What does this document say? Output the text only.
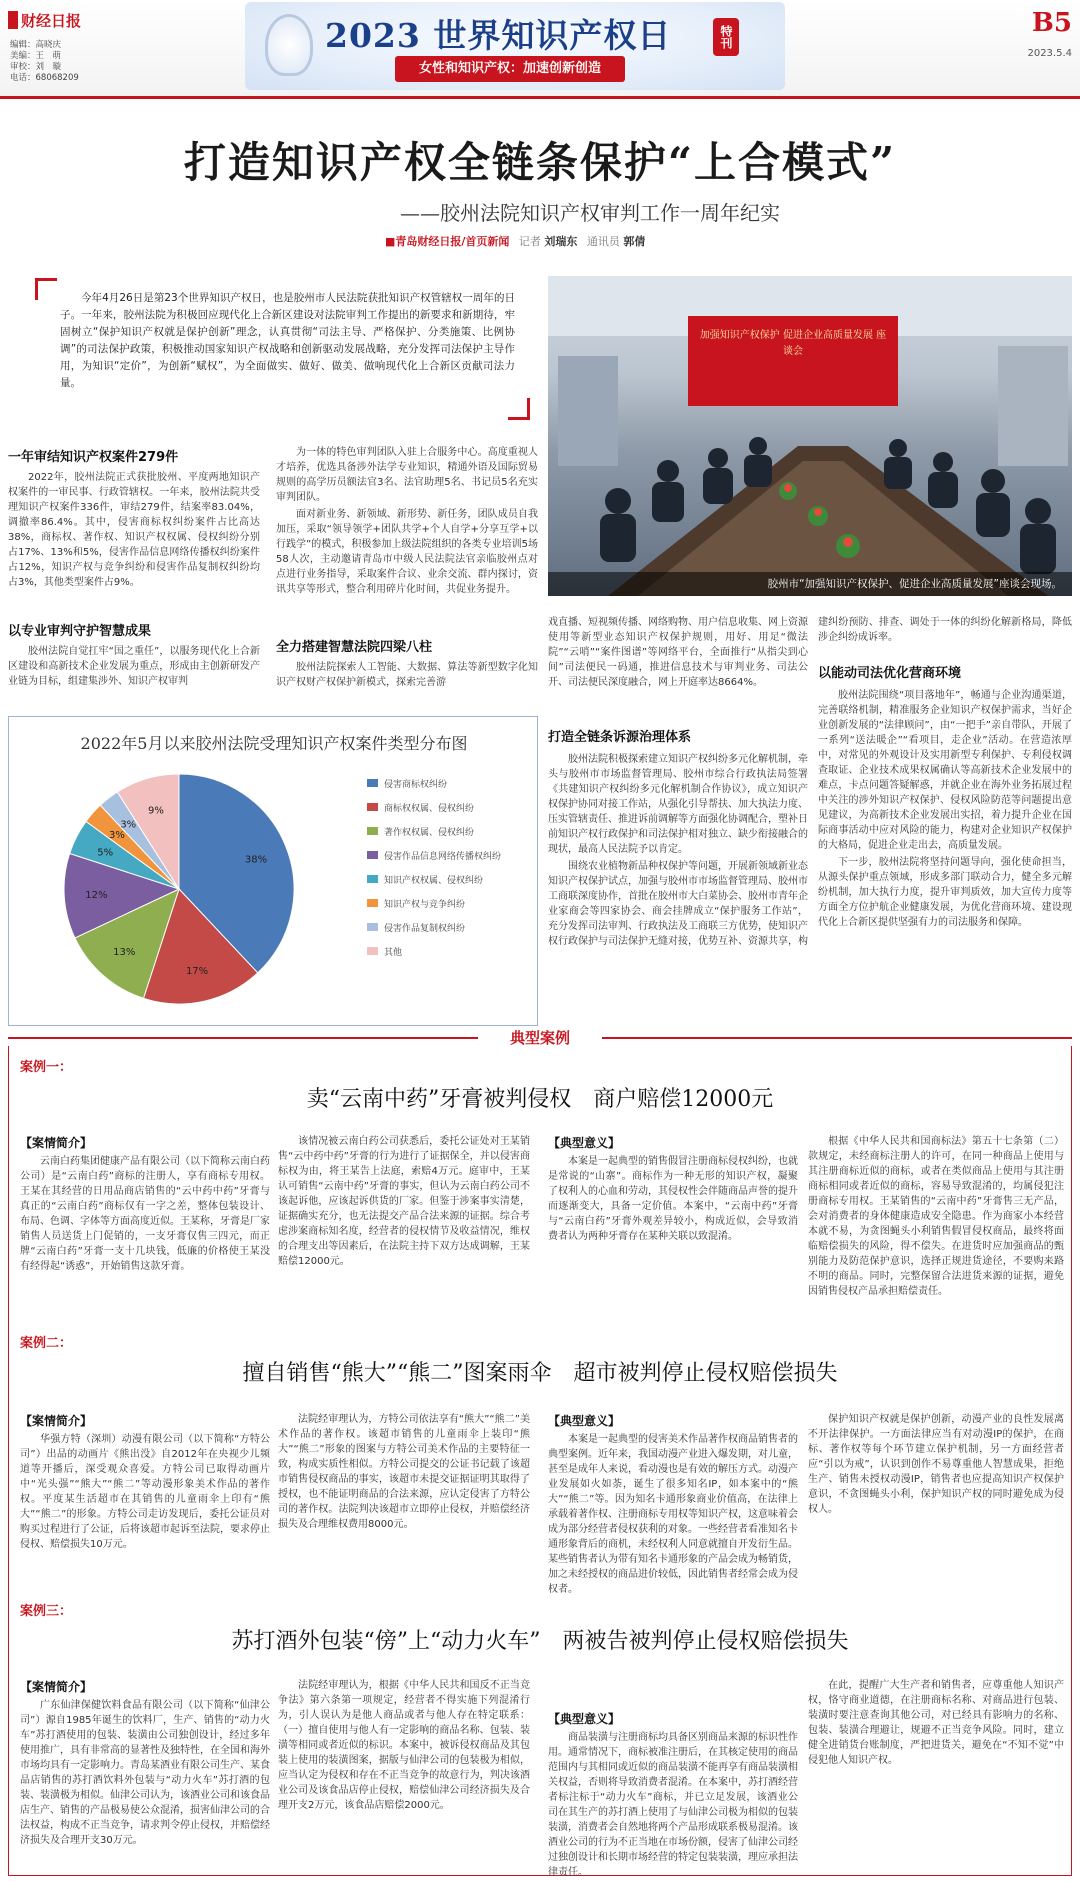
财经日报
编辑：高晓庆
美编：王　萌
审校：刘　璇
电话：68068209
2023 世界知识产权日	特刊
女性和知识产权：加速创新创造
B5
2023.5.4
打造知识产权全链条保护“上合模式”
——胶州法院知识产权审判工作一周年纪实
■青岛财经日报/首页新闻 记者 刘瑞东 通讯员 郭倩
今年4月26日是第23个世界知识产权日，也是胶州市人民法院获批知识产权管辖权一周年的日子。一年来，胶州法院为积极回应现代化上合新区建设对法院审判工作提出的新要求和新期待，牢固树立“保护知识产权就是保护创新”理念，认真贯彻“司法主导、严格保护、分类施策、比例协调”的司法保护政策，积极推动国家知识产权战略和创新驱动发展战略，充分发挥司法保护主导作用，为知识“定价”，为创新“赋权”，为全面做实、做好、做美、做响现代化上合新区贡献司法力量。
加强知识产权保护 促进企业高质量发展 座谈会
胶州市“加强知识产权保护、促进企业高质量发展”座谈会现场。
一年审结知识产权案件279件

2022年，胶州法院正式获批胶州、平度两地知识产权案件的一审民事、行政管辖权。一年来，胶州法院共受理知识产权案件336件，审结279件，结案率83.04%，调撤率86.4%。其中，侵害商标权纠纷案件占比高达38%，商标权、著作权、知识产权权属、侵权纠纷分别占17%、13%和5%，侵害作品信息网络传播权纠纷案件占12%，知识产权与竞争纠纷和侵害作品复制权纠纷均占3%，其他类型案件占9%。

以专业审判守护智慧成果

胶州法院自觉扛牢“国之重任”，以服务现代化上合新区建设和高新技术企业发展为重点，形成由主创新研发产业链为目标，组建集涉外、知识产权审判

为一体的特色审判团队入驻上合服务中心。高度重视人才培养，优选具备涉外法学专业知识，精通外语及国际贸易规则的高学历员额法官3名、法官助理5名、书记员5名充实审判团队。

面对新业务、新领域、新形势、新任务，团队成员自我加压，采取“领导领学+团队共学+个人自学+分享互学+以行践学”的模式，积极参加上级法院组织的各类专业培训5场58人次，主动邀请青岛市中级人民法院法官亲临胶州点对点进行业务指导，采取案件合议、业余交流、群内探讨，资讯共享等形式，整合利用碎片化时间，共促业务提升。

全力搭建智慧法院四梁八柱

胶州法院探索人工智能、大数据、算法等新型数字化知识产权财产权保护新模式，探索完善游

戏直播、短视频传播、网络购物、用户信息收集、网上资源使用等新型业态知识产权保护规则，用好、用足“微法院”“云哨”“案件图谱”等网络平台，全面推行“从指尖到心间”司法便民一码通，推进信息技术与审判业务、司法公开、司法便民深度融合，网上开庭率达8664%。

打造全链条诉源治理体系

胶州法院积极探索建立知识产权纠纷多元化解机制，牵头与胶州市市场监督管理局、胶州市综合行政执法局签署《共建知识产权纠纷多元化解机制合作协议》，成立知识产权保护协同对接工作站，从强化引导帮扶、加大执法力度、压实管辖责任、推进诉前调解等方面强化协调配合，塑补日前知识产权行政保护和司法保护相对独立、缺少衔接融合的现状，最高人民法院予以肯定。

围绕农业植物新品种权保护等问题，开展新领域新业态知识产权保护试点，加强与胶州市市场监督管理局、胶州市工商联深度协作，首批在胶州市大白菜协会、胶州市青年企业家商会等四家协会、商会挂牌成立“保护服务工作站”，充分发挥司法审判、行政执法及工商联三方优势，使知识产权行政保护与司法保护无缝对接，优势互补、资源共享，构

建纠纷预防、排查、调处于一体的纠纷化解新格局，降低涉企纠纷成诉率。

以能动司法优化营商环境

胶州法院围绕“项目落地年”，畅通与企业沟通渠道，完善联络机制，精准服务企业知识产权保护需求，当好企业创新发展的“法律顾问”，由“一把手”亲自带队，开展了一系列“送法暖企”“看项目，走企业”活动。在营造浓厚中，对常见的外观设计及实用新型专利保护、专利侵权调查取证、企业技术成果权属确认等高新技术企业发展中的难点，卡点问题答疑解惑，并就企业在海外业务拓展过程中关注的涉外知识产权保护、侵权风险防范等问题提出意见建议，为高新技术企业发展出实招，着力提升企业在国际商事活动中应对风险的能力，构建对企业知识产权保护的大格局，促进企业走出去，高质量发展。

下一步，胶州法院将坚持问题导向，强化使命担当，从源头保护重点领域，形成多部门联动合力，健全多元解纷机制，加大执行力度，提升审判质效，加大宣传力度等方面全方位护航企业健康发展，为优化营商环境、建设现代化上合新区提供坚强有力的司法服务和保障。

2022年5月以来胶州法院受理知识产权案件类型分布图
38%
17%
13%
12%
5%
3%
3%
9%
侵害商标权纠纷
商标权权属、侵权纠纷
著作权权属、侵权纠纷
侵害作品信息网络传播权纠纷
知识产权权属、侵权纠纷
知识产权与竞争纠纷
侵害作品复制权纠纷
其他
典型案例
案例一：
卖“云南中药”牙膏被判侵权　商户赔偿12000元
【案情简介】

云南白药集团健康产品有限公司（以下简称云南白药公司）是“云南白药”商标的注册人，享有商标专用权。王某在其经营的日用品商店销售的“云中药中药”牙膏与真正的“云南白药”商标仅有一字之差，整体包装设计、布局、色调、字体等方面高度近似。王某称，牙膏是厂家销售人员送货上门促销的，一支牙膏仅售三四元，而正牌“云南白药”牙膏一支十几块钱，低廉的价格使王某没有经得起“诱惑”，开始销售这款牙膏。

该情况被云南白药公司获悉后，委托公证处对王某销售“云中药中药”牙膏的行为进行了证据保全，并以侵害商标权为由，将王某告上法庭，索赔4万元。庭审中，王某认可销售“云南中药”牙膏的事实，但认为云南白药公司不该起诉他，应该起诉供货的厂家。但鉴于涉案事实清楚，证据确实充分，也无法提交产品合法来源的证据。综合考虑涉案商标知名度，经营者的侵权情节及收益情况，维权的合理支出等因素后，在法院主持下双方达成调解，王某赔偿12000元。

【典型意义】

本案是一起典型的销售假冒注册商标侵权纠纷，也就是常说的“山寨”。商标作为一种无形的知识产权，凝聚了权利人的心血和劳动，其侵权性会伴随商品声誉的提升而逐渐变大，具备一定价值。本案中，“云南中药”牙膏与“云南白药”牙膏外观差异较小，构成近似，会导致消费者认为两种牙膏存在某种关联以致混淆。

根据《中华人民共和国商标法》第五十七条第（二）款规定，未经商标注册人的许可，在同一种商品上使用与其注册商标近似的商标，或者在类似商品上使用与其注册商标相同或者近似的商标，容易导致混淆的，均属侵犯注册商标专用权。王某销售的“云南中药”牙膏售三无产品，会对消费者的身体健康造成安全隐患。作为商家小本经营本就不易，为贪图蝇头小利销售假冒侵权商品，最终将面临赔偿损失的风险，得不偿失。在进货时应加强商品的甄别能力及防范保护意识，选择正规进货途径，不要购来路不明的商品。同时，完整保留合法进货来源的证据，避免因销售侵权产品承担赔偿责任。

案例二：
擅自销售“熊大”“熊二”图案雨伞　超市被判停止侵权赔偿损失
【案情简介】

华强方特（深圳）动漫有限公司（以下简称“方特公司”）出品的动画片《熊出没》自2012年在央视少儿频道等开播后，深受观众喜爱。方特公司已取得动画片中“光头强”“熊大”“熊二”等动漫形象美术作品的著作权。平度某生活超市在其销售的儿童雨伞上印有“熊大”“熊二”的形象。方特公司走访发现后，委托公证员对购买过程进行了公证，后将该超市起诉至法院，要求停止侵权、赔偿损失10万元。

法院经审理认为，方特公司依法享有“熊大”“熊二”美术作品的著作权。该超市销售的儿童雨伞上装印“熊大”“熊二”形象的图案与方特公司美术作品的主要特征一致，构成实质性相似。方特公司提交的公证书记载了该超市销售侵权商品的事实，该超市未提交证据证明其取得了授权，也不能证明商品的合法来源，应认定侵害了方特公司的著作权。法院判决该超市立即停止侵权，并赔偿经济损失及合理维权费用8000元。

【典型意义】

本案是一起典型的侵害美术作品著作权商品销售者的典型案例。近年来，我国动漫产业进入爆发期，对儿童，甚至是成年人来说，看动漫也是有效的解压方式。动漫产业发展如火如荼，诞生了很多知名IP，如本案中的“熊大”“熊二”等。因为知名卡通形象商业价值高，在法律上承载着著作权、注册商标专用权等知识产权，这意味着会成为部分经营者侵权获利的对象。一些经营者看准知名卡通形象背后的商机，未经权利人同意就擅自开发衍生品。某些销售者认为带有知名卡通形象的产品会成为畅销货，加之未经授权的商品进价较低，因此销售者经常会成为侵权者。

保护知识产权就是保护创新，动漫产业的良性发展离不开法律保护。一方面法律应当有对动漫IP的保护，在商标、著作权等每个环节建立保护机制，另一方面经营者应“引以为戒”，认识到创作不易尊重他人智慧成果，拒绝生产、销售未授权动漫IP，销售者也应提高知识产权保护意识，不贪图蝇头小利，保护知识产权的同时避免成为侵权人。

案例三：
苏打酒外包装“傍”上“动力火车”　两被告被判停止侵权赔偿损失
【案情简介】

广东仙津保健饮料食品有限公司（以下简称“仙津公司”）源自1985年诞生的饮料厂，生产、销售的“动力火车”苏打酒使用的包装、装潢由公司独创设计，经过多年使用推广，具有非常高的显著性及独特性，在全国和海外市场均具有一定影响力。青岛某酒业有限公司生产、某食品店销售的苏打酒饮料外包装与“动力火车”苏打酒的包装、装潢极为相似。仙津公司认为，该酒业公司和该食品店生产、销售的产品极易使公众混淆，损害仙津公司的合法权益，构成不正当竞争，请求判令停止侵权，并赔偿经济损失及合理开支30万元。

法院经审理认为，根据《中华人民共和国反不正当竞争法》第六条第一项规定，经营者不得实施下列混淆行为，引人误认为是他人商品或者与他人存在特定联系：（一）擅自使用与他人有一定影响的商品名称、包装、装潢等相同或者近似的标识。本案中，被诉侵权商品及其包装上使用的装潢图案，据版与仙津公司的包装极为相似，应当认定为侵权和存在不正当竞争的故意行为，判决该酒业公司及该食品店停止侵权，赔偿仙津公司经济损失及合理开支2万元，该食品店赔偿2000元。

【典型意义】

商品装潢与注册商标均具备区别商品来源的标识性作用。通常情况下，商标被准注册后，在其核定使用的商品范围内与其相同或近似的商品装潢不能再享有商品装潢相关权益，否则将导致消费者混淆。在本案中，苏打酒经营者标注标于“动力火车”商标，并已立足发展，该酒业公司在其生产的苏打酒上使用了与仙津公司极为相似的包装装潢，消费者会自然地将两个产品形成联系极易混淆。该酒业公司的行为不正当地在市场份额，侵害了仙津公司经过独创设计和长期市场经营的特定包装装潢，理应承担法律责任。

在此，提醒广大生产者和销售者，应尊重他人知识产权，恪守商业道德，在注册商标名称、对商品进行包装、装潢时要注意查询其他公司，对已经具有影响力的名称、包装、装潢合理避让，规避不正当竞争风险。同时，建立健全进销货台账制度，严把进货关，避免在“不知不觉”中侵犯他人知识产权。
